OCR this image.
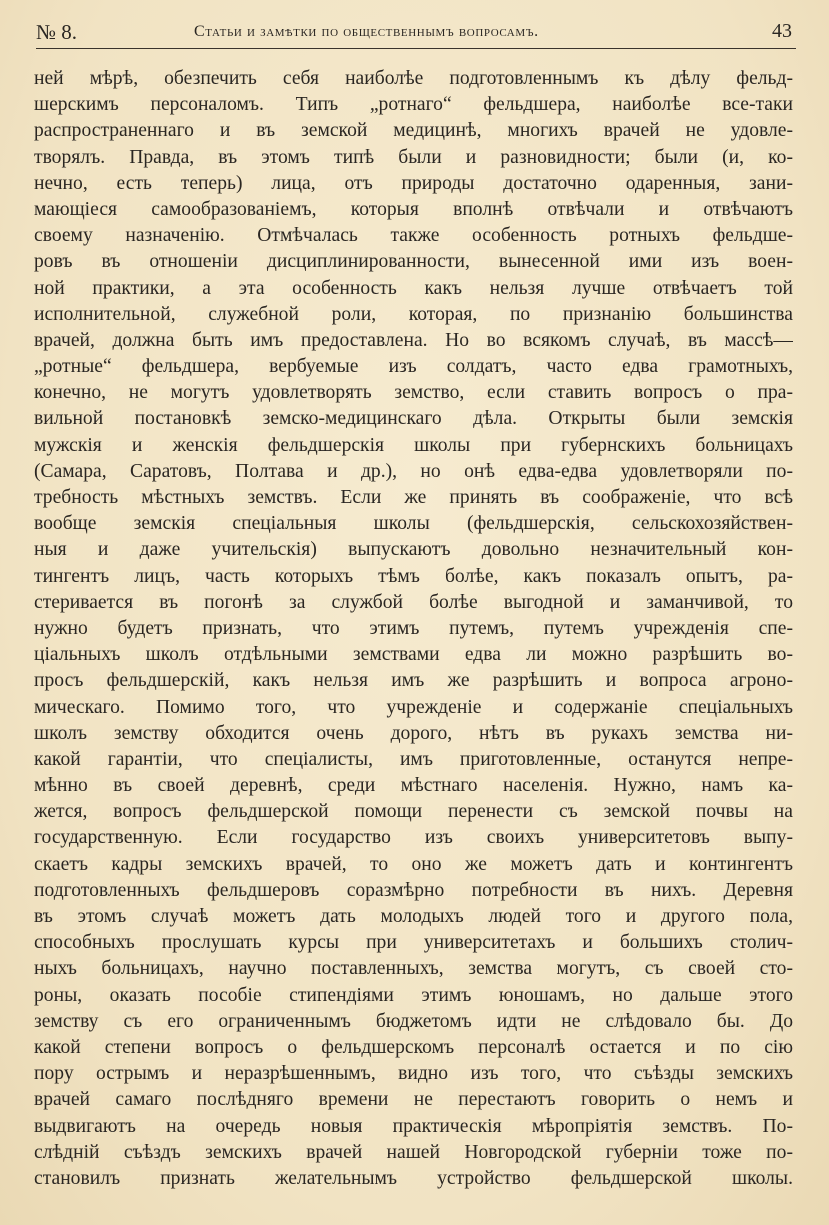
№ 8.	Статьи и замѣтки по общественнымъ вопросамъ.	43
ней мѣрѣ, обезпечить себя наиболѣе подготовленнымъ къ дѣлу фельд-
шерскимъ персоналомъ. Типъ „ротнаго“ фельдшера, наиболѣе все-таки
распространеннаго и въ земской медицинѣ, многихъ врачей не удовле-
творялъ. Правда, въ этомъ типѣ были и разновидности; были (и, ко-
нечно, есть теперь) лица, отъ природы достаточно одаренныя, зани-
мающіеся самообразованіемъ, которыя вполнѣ отвѣчали и отвѣчаютъ
своему назначенію. Отмѣчалась также особенность ротныхъ фельдше-
ровъ въ отношеніи дисциплинированности, вынесенной ими изъ воен-
ной практики, а эта особенность какъ нельзя лучше отвѣчаетъ той
исполнительной, служебной роли, которая, по признанію большинства
врачей, должна быть имъ предоставлена. Но во всякомъ случаѣ, въ массѣ—
„ротные“ фельдшера, вербуемые изъ солдатъ, часто едва грамотныхъ,
конечно, не могутъ удовлетворять земство, если ставить вопросъ о пра-
вильной постановкѣ земско-медицинскаго дѣла. Открыты были земскія
мужскія и женскія фельдшерскія школы при губернскихъ больницахъ
(Самара, Саратовъ, Полтава и др.), но онѣ едва-едва удовлетворяли по-
требность мѣстныхъ земствъ. Если же принять въ соображеніе, что всѣ
вообще земскія спеціальныя школы (фельдшерскія, сельскохозяйствен-
ныя и даже учительскія) выпускаютъ довольно незначительный кон-
тингентъ лицъ, часть которыхъ тѣмъ болѣе, какъ показалъ опытъ, ра-
стеривается въ погонѣ за службой болѣе выгодной и заманчивой, то
нужно будетъ признать, что этимъ путемъ, путемъ учрежденія спе-
ціальныхъ школъ отдѣльными земствами едва ли можно разрѣшить во-
просъ фельдшерскій, какъ нельзя имъ же разрѣшить и вопроса агроно-
мическаго. Помимо того, что учрежденіе и содержаніе спеціальныхъ
школъ земству обходится очень дорого, нѣтъ въ рукахъ земства ни-
какой гарантіи, что спеціалисты, имъ приготовленные, останутся непре-
мѣнно въ своей деревнѣ, среди мѣстнаго населенія. Нужно, намъ ка-
жется, вопросъ фельдшерской помощи перенести съ земской почвы на
государственную. Если государство изъ своихъ университетовъ выпу-
скаетъ кадры земскихъ врачей, то оно же можетъ дать и контингентъ
подготовленныхъ фельдшеровъ соразмѣрно потребности въ нихъ. Деревня
въ этомъ случаѣ можетъ дать молодыхъ людей того и другого пола,
способныхъ прослушать курсы при университетахъ и большихъ столич-
ныхъ больницахъ, научно поставленныхъ, земства могутъ, съ своей сто-
роны, оказать пособіе стипендіями этимъ юношамъ, но дальше этого
земству съ его ограниченнымъ бюджетомъ идти не слѣдовало бы. До
какой степени вопросъ о фельдшерскомъ персоналѣ остается и по сію
пору острымъ и неразрѣшеннымъ, видно изъ того, что съѣзды земскихъ
врачей самаго послѣдняго времени не перестаютъ говорить о немъ и
выдвигаютъ на очередь новыя практическія мѣропріятія земствъ. По-
слѣдній съѣздъ земскихъ врачей нашей Новгородской губерніи тоже по-
становилъ признать желательнымъ устройство фельдшерской школы.
